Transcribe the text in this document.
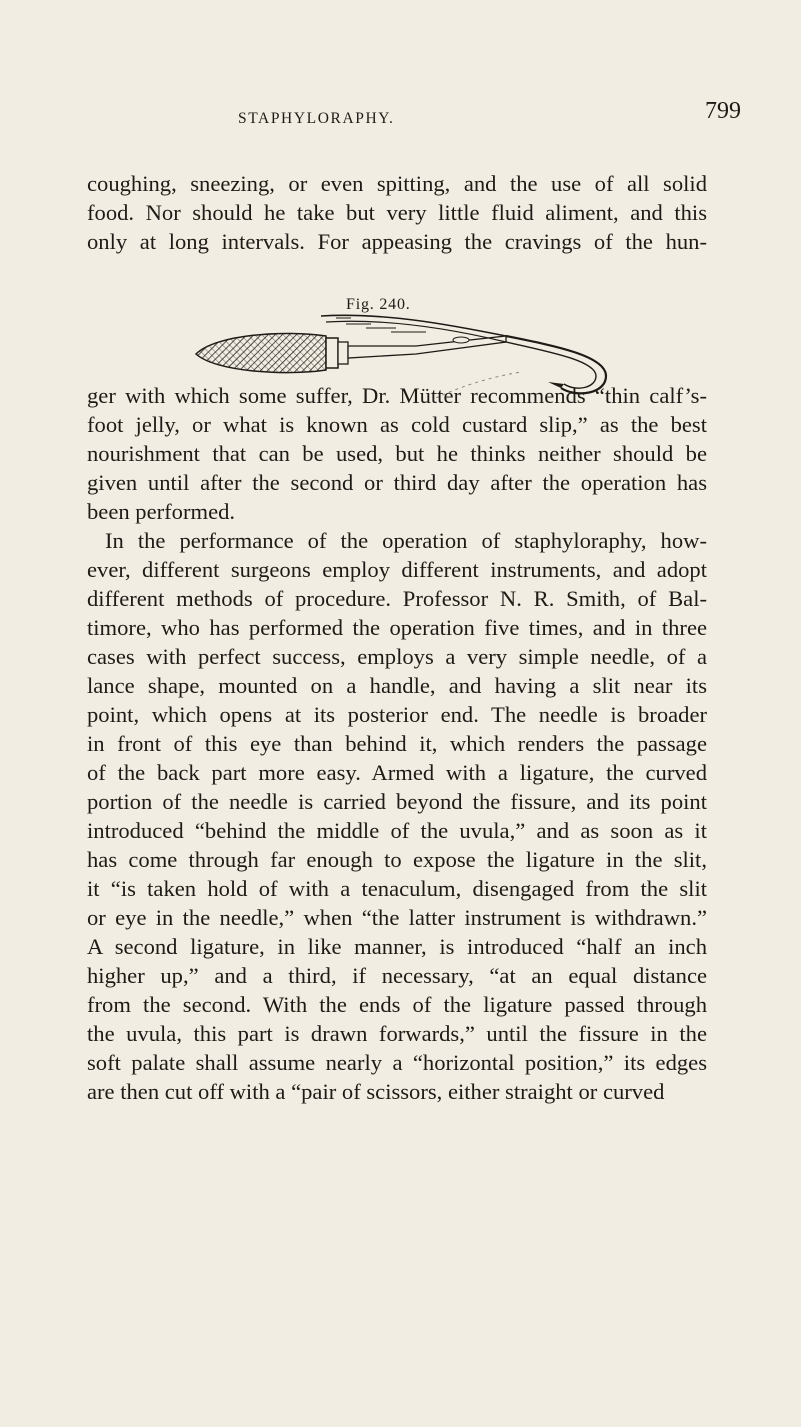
STAPHYLORAPHY.	799
coughing, sneezing, or even spitting, and the use of all solid
food. Nor should he take but very little fluid aliment, and this
only at long intervals. For appeasing the cravings of the hun-
Fig. 240.
ger with which some suffer, Dr. Mütter recommends “thin calf’s-
foot jelly, or what is known as cold custard slip,” as the best
nourishment that can be used, but he thinks neither should be
given until after the second or third day after the operation has
been performed.
In the performance of the operation of staphyloraphy, how-
ever, different surgeons employ different instruments, and adopt
different methods of procedure. Professor N. R. Smith, of Bal-
timore, who has performed the operation five times, and in three
cases with perfect success, employs a very simple needle, of a
lance shape, mounted on a handle, and having a slit near its
point, which opens at its posterior end. The needle is broader
in front of this eye than behind it, which renders the passage
of the back part more easy. Armed with a ligature, the curved
portion of the needle is carried beyond the fissure, and its point
introduced “behind the middle of the uvula,” and as soon as it
has come through far enough to expose the ligature in the slit,
it “is taken hold of with a tenaculum, disengaged from the slit
or eye in the needle,” when “the latter instrument is withdrawn.”
A second ligature, in like manner, is introduced “half an inch
higher up,” and a third, if necessary, “at an equal distance
from the second. With the ends of the ligature passed through
the uvula, this part is drawn forwards,” until the fissure in the
soft palate shall assume nearly a “horizontal position,” its edges
are then cut off with a “pair of scissors, either straight or curved
